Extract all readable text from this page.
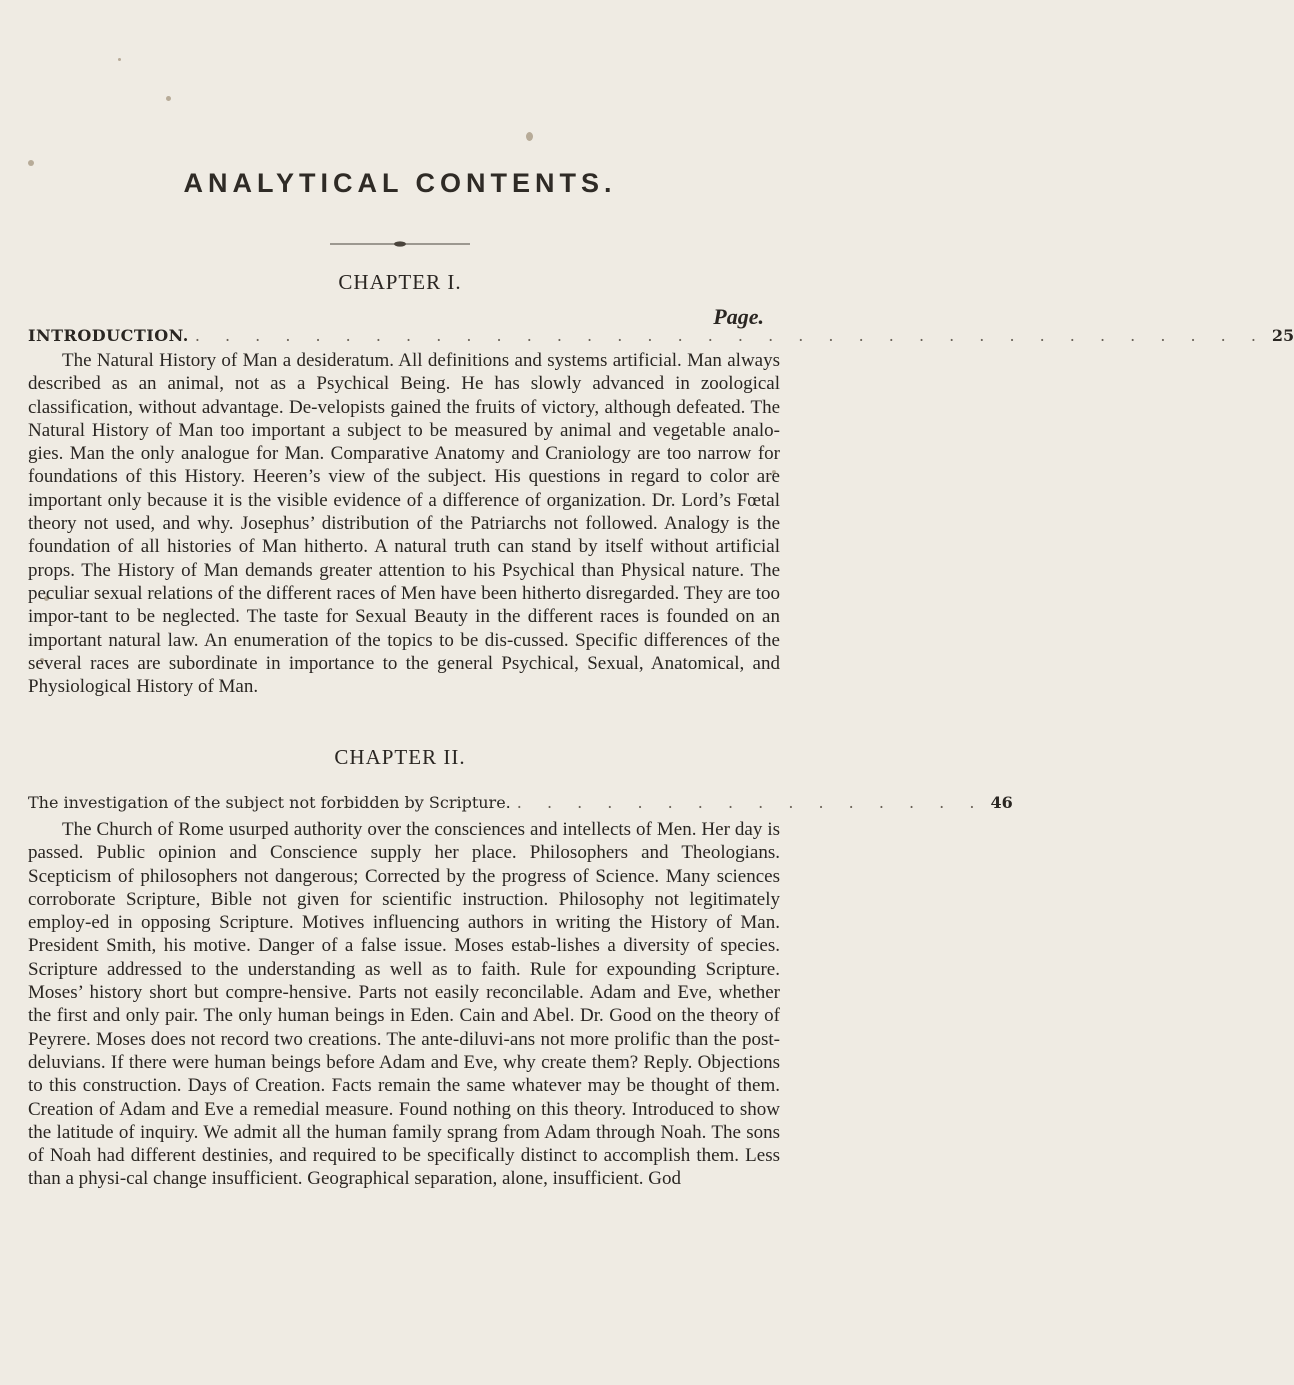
ANALYTICAL CONTENTS.
CHAPTER I.
Page.
INTRODUCTION. . . . . . . . . . . . . . . . . . . . . . . . . . . . . . . . . . . . . 25

The Natural History of Man a desideratum. All definitions and systems artificial. Man always described as an animal, not as a Psychical Being. He has slowly advanced in zoological classification, without advantage. De-velopists gained the fruits of victory, although defeated. The Natural History of Man too important a subject to be measured by animal and vegetable analo-gies. Man the only analogue for Man. Comparative Anatomy and Craniology are too narrow for foundations of this History. Heeren’s view of the subject. His questions in regard to color are important only because it is the visible evidence of a difference of organization. Dr. Lord’s Fœtal theory not used, and why. Josephus’ distribution of the Patriarchs not followed. Analogy is the foundation of all histories of Man hitherto. A natural truth can stand by itself without artificial props. The History of Man demands greater attention to his Psychical than Physical nature. The peculiar sexual relations of the different races of Men have been hitherto disregarded. They are too impor-tant to be neglected. The taste for Sexual Beauty in the different races is founded on an important natural law. An enumeration of the topics to be dis-cussed. Specific differences of the several races are subordinate in importance to the general Psychical, Sexual, Anatomical, and Physiological History of Man.

CHAPTER II.
The investigation of the subject not forbidden by Scripture. . . . . . . . . . . . . . . . . 46

The Church of Rome usurped authority over the consciences and intellects of Men. Her day is passed. Public opinion and Conscience supply her place. Philosophers and Theologians. Scepticism of philosophers not dangerous; Corrected by the progress of Science. Many sciences corroborate Scripture, Bible not given for scientific instruction. Philosophy not legitimately employ-ed in opposing Scripture. Motives influencing authors in writing the History of Man. President Smith, his motive. Danger of a false issue. Moses estab-lishes a diversity of species. Scripture addressed to the understanding as well as to faith. Rule for expounding Scripture. Moses’ history short but compre-hensive. Parts not easily reconcilable. Adam and Eve, whether the first and only pair. The only human beings in Eden. Cain and Abel. Dr. Good on the theory of Peyrere. Moses does not record two creations. The ante-diluvi-ans not more prolific than the post-deluvians. If there were human beings before Adam and Eve, why create them? Reply. Objections to this construction. Days of Creation. Facts remain the same whatever may be thought of them. Creation of Adam and Eve a remedial measure. Found nothing on this theory. Introduced to show the latitude of inquiry. We admit all the human family sprang from Adam through Noah. The sons of Noah had different destinies, and required to be specifically distinct to accomplish them. Less than a physi-cal change insufficient. Geographical separation, alone, insufficient. God
